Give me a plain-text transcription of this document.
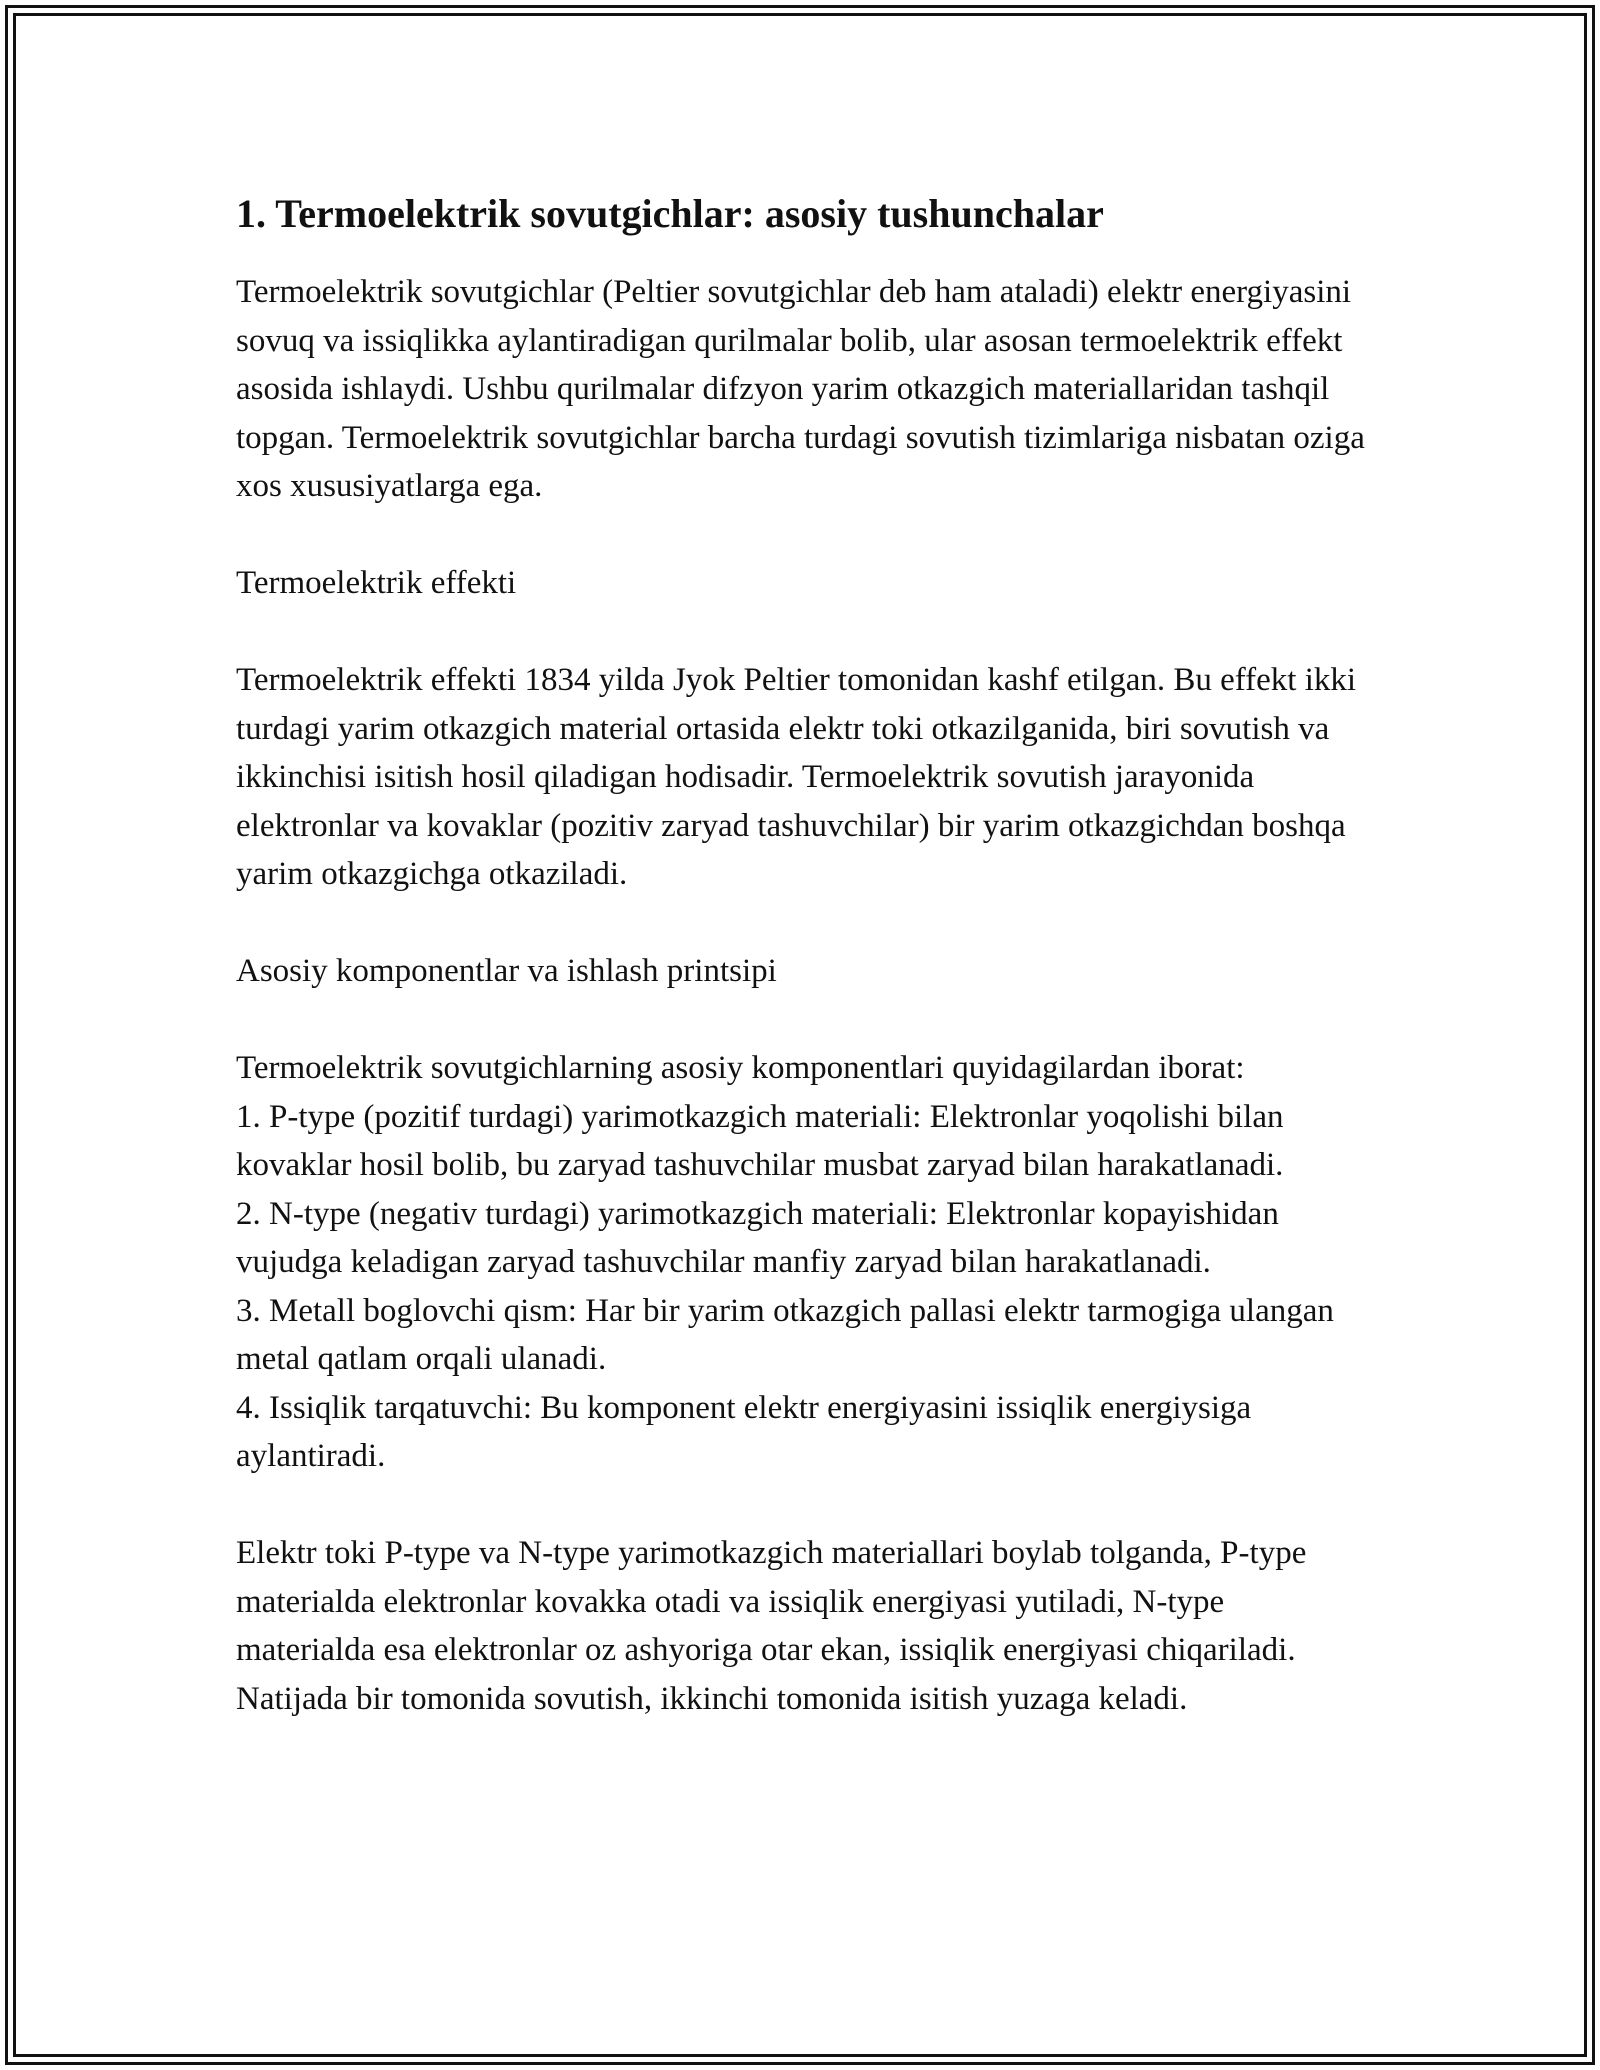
1. Termoelektrik sovutgichlar: asosiy tushunchalar

Termoelektrik sovutgichlar (Peltier sovutgichlar deb ham ataladi) elektr energiyasini sovuq va issiqlikka aylantiradigan qurilmalar bolib, ular asosan termoelektrik effekt asosida ishlaydi. Ushbu qurilmalar difzyon yarim otkazgich materiallaridan tashqil topgan. Termoelektrik sovutgichlar barcha turdagi sovutish tizimlariga nisbatan oziga xos xususiyatlarga ega.

Termoelektrik effekti

Termoelektrik effekti 1834 yilda Jyok Peltier tomonidan kashf etilgan. Bu effekt ikki turdagi yarim otkazgich material ortasida elektr toki otkazilganida, biri sovutish va ikkinchisi isitish hosil qiladigan hodisadir. Termoelektrik sovutish jarayonida elektronlar va kovaklar (pozitiv zaryad tashuvchilar) bir yarim otkazgichdan boshqa yarim otkazgichga otkaziladi.

Asosiy komponentlar va ishlash printsipi

Termoelektrik sovutgichlarning asosiy komponentlari quyidagilardan iborat:

1. P-type (pozitif turdagi) yarimotkazgich materiali: Elektronlar yoqolishi bilan kovaklar hosil bolib, bu zaryad tashuvchilar musbat zaryad bilan harakatlanadi.

2. N-type (negativ turdagi) yarimotkazgich materiali: Elektronlar kopayishidan vujudga keladigan zaryad tashuvchilar manfiy zaryad bilan harakatlanadi.

3. Metall boglovchi qism: Har bir yarim otkazgich pallasi elektr tarmogiga ulangan metal qatlam orqali ulanadi.

4. Issiqlik tarqatuvchi: Bu komponent elektr energiyasini issiqlik energiysiga aylantiradi.

Elektr toki P-type va N-type yarimotkazgich materiallari boylab tolganda, P-type materialda elektronlar kovakka otadi va issiqlik energiyasi yutiladi, N-type materialda esa elektronlar oz ashyoriga otar ekan, issiqlik energiyasi chiqariladi. Natijada bir tomonida sovutish, ikkinchi tomonida isitish yuzaga keladi.
